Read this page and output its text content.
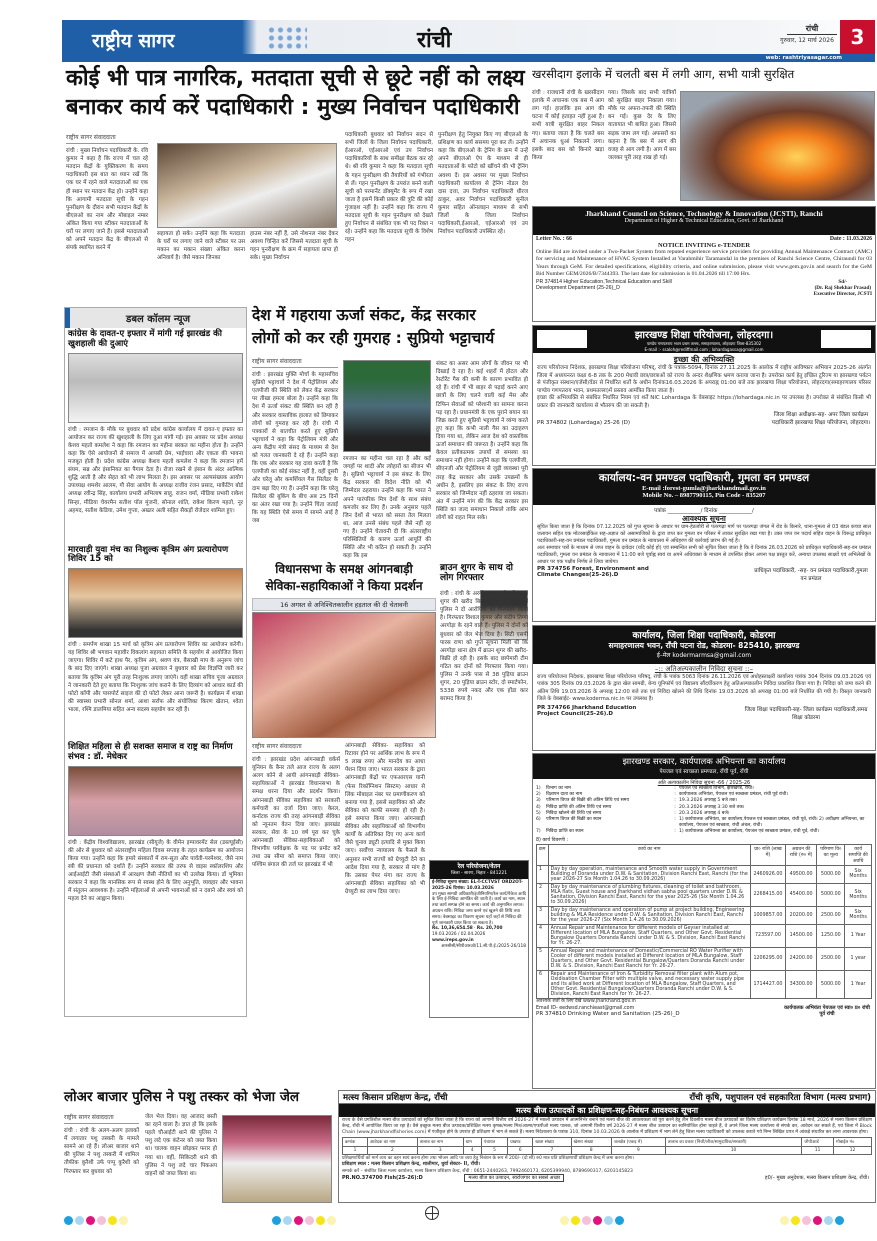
राष्ट्रीय सागर	रांची	रांची
गुरुवार, 12 मार्च 2026 3
web: rashtriyasagar.com
कोई भी पात्र नागरिक, मतदाता सूची से छूटे नहीं को लक्ष्य
बनाकर कार्य करें पदाधिकारी : मुख्य निर्वाचन पदाधिकारी
राष्ट्रीय सागर संवाददाता
रांची : मुख्य निर्वाचन पदाधिकारी के. रवि कुमार ने कहा है कि राज्य में चल रहे मतदान केंद्रों के युक्तिकरण के समय पदाधिकारी इस बात का ध्यान रखें कि एक घर में रहने वाले मतदाताओं का एक ही स्थान पर मतदान केंद्र हो। उन्होंने कहा कि आगामी मतदाता सूची के गहन पुनरीक्षण के दौरान सभी मतदान केंद्रों के बीएलओ का नाम और मोबाइल नम्बर अंकित किया गया स्टीकर मतदाताओं के घरों पर लगाए जाने हैं। इससे मतदाताओं को अपने मतदान केंद्र के बीएलओ से संपर्क स्थापित करने में
सहायता हो सके। उन्होंने कहा कि मतदाता के घरों पर लगाए जाने वाले स्टीकर पर उस मकान का मकान संख्या अंकित करना अनिवार्य है। जैसे मकान जिनका
हाउस नंबर नहीं हैं, उसे नोशनल नंबर देकर अवश्य चिन्हित करें जिससे मतदाता सूची के गहन पुनरीक्षण के क्रम में सहायता प्राप्त हो सके। मुख्य निर्वाचन
पदाधिकारी बुधवार को निर्वाचन सदन से सभी जिलों के जिला निर्वाचन पदाधिकारी, ईआरओ, एईआरओ एवं उप निर्वाचन पदाधिकारियों के साथ समीक्षा बैठक कर रहे थे। श्री रवि कुमार ने कहा कि मतदाता सूची के गहन पुनरीक्षण की तैयारियों को गंभीरता से लें। गहन पुनरीक्षण के उपरांत बनने वाली सूची को परमानेंट डॉक्यूमेंट के रूप में रखा जाता है इसमें किसी प्रकार की त्रुटि की कोई गुंजाइश नहीं है। उन्होंने कहा कि राज्य में मतदाता सूची के गहन पुनरीक्षण को देखते हुए निर्वाचन से संबंधित एक भी पद रिक्त न रहे। उन्होंने कहा कि मतदाता सूची के विशेष गहन
पुनरीक्षण हेतु नियुक्त किए गए बीएलओ के प्रशिक्षण का कार्य ससमय पूरा कर लें। उन्होंने कहा कि बीएलओ के ट्रेनिंग के क्रम में उन्हें अपने बीएलओ ऐप के माध्यम से ही मतदाताओं के फोटो को खींचने की भी ट्रेनिंग अवश्य दें। इस अवसर पर मुख्य निर्वाचन पदाधिकारी कार्यालय से ट्रेनिंग नोडल देव दास दत्ता, उप निर्वाचन पदाधिकारी धीरज ठाकुर, अवर निर्वाचन पदाधिकारी सुनील कुमार सहित ऑनलाइन माध्यम से सभी जिलों के जिला निर्वाचन पदाधिकारी,ईआरओ, एईआरओ एवं उप निर्वाचन पदाधिकारी उपस्थित रहे।
खरसीदाग इलाके में चलती बस में लगी आग, सभी यात्री सुरक्षित
रांची : राजधानी रांची के खरसीदाग इलाके में अचानक एक बस में आग लग गई। हालांकि इस आग की घटना में कोई हताहत नहीं हुआ है। सभी यात्री सुरक्षित बाहर निकल गए। बताया जाता है कि चलते बस में अचानक धुआं निकलने लगा। इसके बाद बस को किनारे खड़ा किया
गया। जिसके बाद सभी यात्रियों को सुरक्षित बाहर निकाला गया। मौके पर अफरा-तफरी की स्थिति बन गई। कुछ देर के लिए यातायात भी बाधित हुआ। जिससे सड़क जाम लग गई। अफसरों का कहना है कि बस में आग की वजह से आग लगी है। आग में बस जलकर पूरी तरह राख हो गई।
Jharkhand Council on Science, Technology & Innovation (JCSTI), Ranchi
Department of Higher & Technical Education, Govt. of Jharkhand
Letter No. : 66	Date : 11.03.2026
NOTICE INVITING e-TENDER
Online Bid are invited under a Two-Packet System from reputed experience service providers for providing Annual Maintenance Contract (AMC) for servicing and Maintenance of HVAC System Installed at Varahmihir Taramandal in the premises of Ranchi Science Centre, Chiraundi for 03 Years through GeM. For detailed specifications, eligibility criteria, and online submission, please visit www.gem.gov.in and search for the GeM Bid Number GEM/2026/B/7344393. The last date for submission is 01.04.2026 till 17:00 Hrs.
PR 374814 Higher Education,Technical Education and Skill Development Department (25-26)_D
Sd/-
(Dr. Raj Shekhar Prasad)
Executive Director, JCSTI
झारखण्ड शिक्षा परियोजना, लोहरदगा।
पाण्डेय गणपतराय भवन प्रथम तल्ला, समाहरणालय, लोहरदगा जिला-835302
E-mail :- ssaloh@rediffmail.com ; lohardagassa@gmail.com
इच्छा की अभिव्यक्ति
राज्य परियोजना निदेशक, झारखण्ड शिक्षा परियोजना परिषद्, रांची के पत्रांक-5094, दिनांक 27.11.2025 के आलोक में राष्ट्रीय आविष्कार अभियान 2025-26 अंतर्गत जिला में अध्ययनरत कक्षा 6-8 तक के 200 मेधावी छात्र/छात्राओं को राज्य के अन्दर शैक्षणिक भ्रमण कराया जाना है। उपरोक्त कार्य हेतु इच्छित टूरिज्म या झारखण्ड पर्यटन से पंजीकृत संस्थान/एजेंसी/वेंडर से निर्धारित शर्तों के अधीन दिनांक16.03.2026 के अपराह्न 01:00 बजे तक झारखण्ड शिक्षा परियोजना, लोहरदगा(समाहरणालय परिसर पाण्डेय गणपतराय भवन, प्रथमतल्ला)में प्रस्ताव आमंत्रित किया जाता है।
इच्छा की अभिव्यक्ति से संबंधित निर्धारित नियम एवं शर्तें NIC Lohardaga के वेबसाइट https://lohardaga.nic.in पर उपलब्ध है। उपरोक्त से संबंधित किसी भी प्रकार की जानकारी कार्यालय से भौतरुप की जा सकती है।
PR 374802 (Lohardaga) 25-26 (D)
जिला शिक्षा अधीक्षक-सह- अपर जिला कार्यक्रम पदाधिकारी झारखण्ड शिक्षा परियोजना, लोहरदगा।
कार्यालय:-वन प्रमण्डल पदाधिकारी, गुमला वन प्रमण्डल
E-mail :forest-gumla@jharkhandmail.gov.in
Mobile No. – 8987790115, Pin Code - 835207
पत्रांक ____________/ दिनांक ____________/
आवश्यक सूचना
सूचित किया जाता है कि दिनांक 07.12.2025 को गुप्त सूचना के आधार पर ग्राम-हेठजोरी से पतरगढ़ा मार्ग पर पतरगढ़ा जंगल में रोड के किनारे, थाना-गुमला से 03 बंडल कच्चा साल जलावन सहित एक मोटरसाईकिल सह-अज्ञात को असामाजिकों के द्वारा जप्त कर गुमला वन परिसर में लाकर सुरक्षित रखा गया है। उक्त जप्त वन पदार्थ सहित वाहन के विरूद्ध प्राधिकृत पदाधिकारी-सह-वन प्रमंडल पदाधिकारी, गुमला वन प्रमंडल के न्यायालय में अधिहरण की कार्रवाई प्रारंभ की गई है।
अतः समाचार पत्रों के माध्यम से जप्त वाहन के दावेदार (यदि कोई हो) एवं सम्बन्धित सभी को सूचित किया जाता है कि वे दिनांक 26.03.2026 को प्राधिकृत पदाधिकारी-सह-वन प्रमंडल पदाधिकारी, गुमला वन प्रमंडल के न्यायालय में 11:00 बजे पूर्वाह्न स्वयं या अपने अधिवक्ता के माध्यम से उपस्थित होकर अपना पक्ष प्रस्तुत करें, अन्यथा उपलब्ध साक्ष्यों एवं अभिलेखों के आधार पर एक पक्षीय निर्णय ले लिया जायेगा।
PR 374756 Forest, Environment and Climate Changes(25-26).D
प्राधिकृत पदाधिकारी, -सह- वन प्रमंडल पदाधिकारी,गुमला वन प्रमंडल
कार्यालय, जिला शिक्षा पदाधिकारी, कोडरमा
समाहरणालय भवन, राँची पटना रोड, कोडरमा- 825410, झारखण्ड
ई–मेल kodermarmsa@gmail.com
–:: अतिअल्पकालीन निविदा सूचना ::–
राज्य परियोजना निदेशक, झारखण्ड शिक्षा परियोजना परिषद्, रांची के पत्रांक 5063 दिनांक 26.11.2026 एवं अधोहस्ताक्षरी कार्यालय पत्रांक 304 दिनांक 09.03.2026 एवं पत्रांक 305 दिनांक 09.03.2026 के द्वारा खेल सामग्री, बेन्च यूनिफॉर्म एवं विद्यालय सौंदर्यीकरण हेतु अतिअल्पकालीन निविदा प्रकाशित किया गया है। निविदा को जमा करने की अंतिम तिथि 19.03.2026 के अपराह्न 12:00 बजे तक एवं निविदा खोलने की तिथि दिनांक 19.03.2026 को अपराह्न 01:00 बजे निर्धारित की गयी है। विस्तृत जानकारी जिले के वेबसाईट- www.koderma.nic.in पर उपलब्ध है।
PR 374766 Jharkhand Education Project Council(25-26).D
जिला शिक्षा पदाधिकारी-सह- जिला कार्यक्रम पदाधिकारी,समग्र शिक्षा कोडरमा
झारखण्ड सरकार, कार्यपालक अभियन्ता का कार्यालय
पेयजल एवं स्वच्छता प्रमण्डल, राँची पूर्व, राँची
अति अल्पकालीन निविदा सूचना -66 / 2025-26
1)	विभाग का नाम	: पेयजल एवं स्वच्छता विभाग, झारखण्ड, रांची।
2)	विज्ञापन दाता का नाम	: कार्यपालक अभियंता, पेयजल एवं स्वच्छता प्रमंडल, रांची पूर्व रांची।
3)	परिमाण विपत्र की बिक्री की अंतिम तिथि एवं समय	: 19.3.2026 अपराह्न 5 बजे तक।
4)	निविदा प्राप्ति की अंतिम तिथि एवं समय	: 20.3.2026 अपराह्न 3:30 बजे तक।
5)	निविदा खोलने की तिथि एवं समय	: 20.3.2026 अपराह्न 4 बजे।
6)	परिमाण विपत्र की बिक्री का स्थान	: 1) कार्यपालक अभियंता, का कार्यालय,पेयजल एवं स्वच्छता प्रमंडल, रांची पूर्व, रांची। 2) अधीक्षण अभियन्ता, का कार्यालय, पेयजल एवं स्वच्छता, रांची अंचल, रांची।
7)	निविदा प्राप्ति का स्थान	: 1) कार्यपालक अभियन्ता का कार्यालय, पेयजल एवं स्वच्छता प्रमंडल, रांची पूर्व, रांची।
8) कार्य विवरणी :
क्रम	कार्य का नाम	प्रा० राशि (लाख में)	अग्रधन की राशि (रु० में)	परिमाण वि० का मूल्य	कार्य समाप्ति की अवधि
1	Day by day operation, maintenance and Smooth water supply in Government Building of Doranda under D.W. & Sanitation, Division Ranchi East, Ranchi (for the year 2026-27 Six Month 1.04.26 to 30.09.2026)	2460926.00	49500.00	5000.00	Six Months
2	Day by day maintenance of plumbing fixtures, cleaning of toilet and bathroom, MLA flats, Guest house and Jharkhand vidhan sabha pool quarters under D.W. & Sanitation, Division Ranchi East, Ranchi for the year 2025-26 (Six Month 1.04.26 to 30.09.2026)	2268415.00	45400.00	5000.00	Six Months
3	Day by day maintenance and operation of pump at project building, Engineering building & MLA Residence under D.W. & Sanitation, Division Ranchi East, Ranchi for the year 2026-27 (Six Month 1.4.26 to 30.09.2026)	1009857.00	20200.00	2500.00	Six Months
4	Annual Repair and Maintenance for different models of Geyser installed at Different location of MLA Bungalow, Staff Quarters, and Other Govt. Residential Bungalow Quarters Doranda Ranchi under D.W. & S. Division, Ranchi East Ranchi for Yr. 26-27.	723597.00	14500.00	1250.00	1 Year
5	Annual Repair and maintenance of Domestic/Commercial RO Water Purifier with Cooler of different models installed at Different location of MLA Bungalow, Staff Quarters, and Other Govt. Residential Bungalow/Quarters Doranda Ranchi under D.W. & S. Division, Ranchi East Ranchi for Yr. 26-27.	1206295.00	24200.00	2500.00	1 year
6	Repair and Maintenance of Iron & Turbidity Removal filter plant with Alum pot, Oxidisation Chamber Filter with multiple valve, and necessary water supply pipe and its allied work at Different location of MLA Bungalow, Staff Quarters, and Other Govt. Residential Bungalow/Quarters Doranda Ranchi under D.W. & S. Division, Ranchi East Ranchi for Yr. 26-27.	1714427.00	34300.00	5000.00	1 Year
अवश्यक शर्तों के लिए देखें www.jharkhand.gov.in
Email ID- eedwsd.ranchieast@gmail.com
PR 374810 Drinking Water and Sanitation (25-26)_D
कार्यपालक अभियंता पेयजल एवं स्वा० प्र० रांची पूर्व रांची
डबल कॉलम न्यूज
कांग्रेस के दावत-ए इफ्तार में मांगी गई झारखंड की खुशहाली की दुआएं
रांची : रमजान के मौके पर बुधवार को प्रदेश कांग्रेस कार्यालय में दावत-ए इफ्तार का आयोजन कर राज्य की खुशहाली के लिए दुआ मांगी गई। इस अवसर पर प्रदेश अध्यक्ष केशव महतो कमलेश ने कहा कि रमजान का महीना बरकत का महीना होता है। उन्होंने कहा कि ऐसे आयोजनों से समाज में आपसी प्रेम, भाईचारा और एकता की भावना मजबूत होती है। प्रदेश कांग्रेस अध्यक्ष केशव महतो कमलेश ने कहा कि रमजान हमें संयम, सब्र और इंसानियत का पैगाम देता है। रोजा रखने से इंसान के अंदर आत्मिक शुद्धि आती है और सेहत को भी लाभ मिलता है। इस अवसर पर अल्पसंख्यक आयोग उपाध्यक्ष शमशेर आलम, गौ सेवा आयोग के अध्यक्ष राजीव रंजन प्रसाद, मार्केटिंग बोर्ड अध्यक्ष रवीन्द्र सिंह, कार्यालय प्रभारी अभिलाष साहू, राजन वर्मा, मीडिया प्रभारी राकेश सिन्हा, मीडिया चेयरमैन सतीश पॉल मुंजनी, सोनाल शांति, राकेश किरण महतो, नूर अहमद, सतीश केडिया, उमेश गुप्ता, अख्तर अली सहित सैकड़ों रोजेदार शामिल हुए।
मारवाड़ी युवा मंच का निशुल्क कृत्रिम अंग प्रत्यारोपण शिविर 15 को
रांची : समर्पण शाखा 15 मार्च को कृत्रिम अंग प्रत्यारोपण शिविर का आयोजन करेगी। यह शिविर श्री भगवान महावीर विकलांग सहायता समिति के सहयोग से आयोजित किया जाएगा। शिविर में कटे हाथ पैर, कृत्रिम अंग, श्रवण यंत्र, बैसाखी माप के अनुरूप जांच के बाद दिए जाएंगे। शाखा अध्यक्ष पूजा अग्रवाल ने बुधवार को प्रेस विज्ञप्ति जारी कर बताया कि कृत्रिम अंग पूरी तरह निःशुल्क लगाए जाएंगे। वहीं शाखा सचिव पूजा अग्रवाल ने जानकारी देते हुए बताया कि निःशुल्क जांच कराने के लिए दिव्यांग को आधार कार्ड की फोटो कॉपी और पासपोर्ट साइज की दो फोटो लेकर आना जरूरी है। कार्यक्रम में शाखा की स्वास्थ्य प्रभारी सोनल शर्मा, आशा सर्राफ और संयोजिका किरण खेतान, श्वेता भाला, रश्मि डालमिया सहित अन्य सदस्य सहयोग कर रही हैं।
शिक्षित महिला से ही सशक्त समाज व राष्ट्र का निर्माण संभव : डॉ. मेधेकर
रांची : केंद्रीय विश्वविद्यालय, झारखंड (सीयूजे) के वीमेन इम्पावरमेंट सेल (डब्ल्यूईसी) की ओर से बुधवार को अंतरराष्ट्रीय महिला दिवस सप्ताह के तहत कार्यक्रम का आयोजन किया गया। उन्होंने कहा कि हमारे संस्कारों में राम-सूता और पार्वती-परमेश्वर, जैसे नाम स्त्री की प्रधानता को दर्शाते हैं। उन्होंने सरकार की तरफ से वाइस स्कॉलरशिप और आईआईटी जैसी संस्थाओं में आरक्षण जैसी नीतियों का भी उल्लेख किया। डॉ भूमिका सरकार ने कहा कि मानसिक रूप से स्वस्थ होने के लिए अनुभूति, व्यवहार और भावना में संतुलन आवश्यक है। उन्होंने महिलाओं से अपनी भावनाओं को न दबाने और स्वयं को महत्व देने का आह्वान किया।
देश में गहराया ऊर्जा संकट, केंद्र सरकार
लोगों को कर रही गुमराह : सुप्रियो भट्टाचार्य
राष्ट्रीय सागर संवाददाता
रांची : झारखंड मुक्ति मोर्चा के महासचिव सुप्रियो भट्टाचार्य ने देश में पेट्रोलियम और एलपीजी की स्थिति को लेकर केंद्र सरकार पर तीखा हमला बोला है। उन्होंने कहा कि देश में ऊर्जा संकट की स्थिति बन रही है और सरकार वास्तविक हालात को छिपाकर लोगों को गुमराह कर रही है। रांची में पत्रकारों से बातचीत करते हुए सुप्रियो भट्टाचार्य ने कहा कि पेट्रोलियम मंत्री और अन्य केंद्रीय मंत्री संसद के माध्यम से देश को गलत जानकारी दे रहे हैं। उन्होंने कहा कि एक ओर सरकार यह दावा करती है कि एलपीजी का कोई संकट नहीं है, वहीं दूसरी ओर घरेलू और कमर्शियल गैस सिलेंडर के दाम बढ़ा दिए गए हैं। उन्होंने कहा कि घरेलू सिलेंडर की बुकिंग के बीच अब 25 दिनों का अंतर रखा गया है। उन्होंने चिंता जताई कि यह स्थिति ऐसे समय में सामने आई है जब
रमजान का महीना चल रहा है और कई जगहों पर शादी और त्योहारों का सीजन भी है। सुप्रियो भट्टाचार्य ने इस संकट के लिए केंद्र सरकार की विदेश नीति को भी जिम्मेदार ठहराया। उन्होंने कहा कि भारत ने अपने पारंपरिक मित्र देशों के साथ संबंध कमजोर कर लिए हैं। उनके अनुसार पहले जिन देशों से भारत को सस्ता तेल मिलता था, आज उनसे संबंध पहले जैसे नहीं रह गए हैं। उन्होंने चेतावनी दी कि अंतरराष्ट्रीय परिस्थितियों के कारण ऊर्जा आपूर्ति की स्थिति और भी कठिन हो सकती है। उन्होंने कहा कि इस
संकट का असर आम लोगों के जीवन पर भी दिखाई दे रहा है। कई शहरों में होटल और रेस्टोरेंट गैस की कमी के कारण प्रभावित हो रहे हैं। रांची में भी बाहर से पढ़ाई करने आए छात्रों के लिए चलने वाली कई मेस और टिफिन सेवाओं को परेशानी का सामना करना पड़ रहा है। प्रधानमंत्री के एक पुराने बयान का जिक्र करते हुए सुप्रियो भट्टाचार्य ने व्यंग्य करते हुए कहा कि कभी नाली गैस का उदाहरण दिया गया था, लेकिन आज देश को वास्तविक ऊर्जा समाधान की जरूरत है। उन्होंने कहा कि केवल प्रतीकात्मक उपायों से समस्या का समाधान नहीं होगा। उन्होंने कहा कि एलपीजी, सीएनजी और पेट्रोलियम से जुड़ी व्यवस्था पूरी तरह केंद्र सरकार और उसके उपक्रमों के अधीन है, इसलिए इस संकट के लिए राज्य सरकार को जिम्मेदार नहीं ठहराया जा सकता। अंत में उन्होंने मांग की कि केंद्र सरकार इस स्थिति का जल्द समाधान निकाले ताकि आम लोगों को राहत मिल सके।
विधानसभा के समक्ष आंगनबाड़ी
सेविका-सहायिकाओं ने किया प्रदर्शन
16 अगस्त से अनिश्चितकालीन हड़ताल की दी चेतावनी
राष्ट्रीय सागर संवाददाता
रांची : झारखंड प्रदेश आंगनबाड़ी वर्कर्स यूनियन के बैनर तले आज राज्य के अलग अलग कोने से आयी आंगनबाड़ी सेविका-सहायिकाओं ने झारखंड विधानसभा के समक्ष धरना दिया और प्रदर्शन किया। आंगनबाड़ी सेविका सहायिका को सरकारी कर्मचारी का दर्जा दिया जाए। केरल, कर्नाटक राज्य की तरह आंगनबाड़ी सेविका को न्यूनतम वेतन दिया जाए। झारखंड सरकार, सेवा के 10 वर्ष पूरा कर चुके आंगनबाड़ी सेविका-सहायिकाओं को विभागीय पर्यवेक्षक के पद पर प्रमोट करें तथा उम्र सीमा को समाप्त किया जाए। पश्चिम बंगाल की तर्ज पर झारखंड में भी
आंगनबाड़ी सेविका- सहायिका को रिटायर होने पर आर्थिक लाभ के रूप में 5 लाख रुपए और मानदेय का आधा पेंशन दिया जाए। भारत सरकार के द्वारा आंगनबाड़ी केंद्रों पर एफआरएस यानी (फेस रिकॉग्निशन सिस्टम) आधार से लिंक मोबाइल नंबर पर प्रमाणीकरण को बनाया गया है, इससे सहायिका को और सेविका को काफी समस्या हो रही है। इसे समाप्त किया जाए। आंगनबाड़ी सेविका और सहायिकाओं को विभागीय कार्यों के अतिरिक्त दिए गए अन्य कार्य जैसे चुनाव ड्यूटी इत्यादि से मुक्त किया जाए। सर्वोच्च न्यायालय के फैसले के अनुसार सभी राज्यों को ग्रेच्युटी देने का आदेश दिया गया है, सरकार से मांग है कि उसका पेपर मंगा कर राज्य के आंगनबाड़ी सेविका सहायिका को भी ग्रेच्युटी का लाभ दिया जाए।
ब्राउन शुगर के साथ दो लोग गिरफ्तार
रांची : रांची के अरगोड़ा थाना क्षेत्र में ब्राउन शुगर की खरीद बिक्री करने के आरोप में पुलिस ने दो आरोपियों को गिरफ्तार किया है। गिरफ्तार विशाल कुमार और संदीप तिग्गा अरगोड़ा के रहने वाले हैं। पुलिस ने दोनों को बुधवार को जेल भेज दिया है। सिटी एसपी पारस राणा को गुप्त सूचना मिली थी कि अरगोड़ा थाना क्षेत्र में ब्राउन शुगर की खरीद-बिक्री हो रही है। इसके बाद छापेमारी टीम गठित कर दोनों को गिरफ्तार किया गया। पुलिस ने उनके पास से 38 पुड़िया ब्राउन शुगर, 20 पुड़िया ब्राउन स्टोर, दो स्मार्टफोन, 5338 रुपये नकद और एक होंडा कार बरामद किया है।
रेल परियोजना/वेतन
जिला - सारण, बिहार - 841221
ई-निविदा सूचना संख्या: EL-T-CCTVST ORD2OT-2025-26 दिनांक: 10.03.2026
उप मुख्य सामग्री अधिकारी/इंजीनियरिंग/रेल कार्य/पैकेज आदि के लिए ई-निविदा आमंत्रित की जाती है। कार्य का नाम, स्थान तथा कार्य सम्पन्न होने का समय। कार्य की अनुमानित लागत। अग्रधन राशि। निविदा जमा करने एवं खुलने की तिथि तथा समय। वेबसाइट का विवरण सूचना यहाँ जहाँ से निविदा की पूर्ण जानकारी प्राप्त किया जा सकता है।
Rs. 10,36,654.58 · Rs. 20,700
19.03.2026 / 02.04.2026
www.ireps.gov.in
आरसीसी/सीपीआरओ/11.सी.पी.ई./2025-26/118
लोअर बाजार पुलिस ने पशु तस्कर को भेजा जेल
राष्ट्रीय सागर संवाददाता
रांची : रांची के अलग-अलग इलाकों में लगातार पशु तस्करी के मामले सामने आ रहे हैं। लोअर बाजार थाने की पुलिस ने पशु तस्करी में शामिल तौफीक कुरैशी उर्फ पप्पू कुरैशी को गिरफ्तार कर बुधवार को
जेल भेज दिया। वह आजाद बस्ती का रहने वाला है। ज्ञात हो कि इसके पहले चौआईटी थाने की पुलिस ने पशु लदे एक कंटेनर को जब्त किया था। चालक वाहन छोड़कर फरार हो गया था। वहीं, सिकिदरी थाने की पुलिस ने पशु लदे चार पिकअप वाहनों को जब्त किया था।
मत्स्य किसान प्रशिक्षण केन्द्र, राँची	राँची कृषि, पशुपालन एवं सहकारिता विभाग (मत्स्य प्रभाग)
मत्स्य बीज उत्पादकों का प्रशिक्षण-सह-निबंधन आवश्यक सूचना
राज्य के वैसे प्रगतिशील मत्स्य बीज उत्पादकों को सूचित किया जाता है कि राज्य को आगामी वित्तीय वर्ष 2026-27 में मछली उत्पादन में आत्मनिर्भर बनाने एवं मत्स्य बीज की आवश्यकता को पूरा करने हेतु तीन दिवसीय मत्स्य बीज उत्पादकों का विशेष प्रशिक्षण कार्यक्रम दिनांक 18 मार्च, 2026 से मत्स्य किसान प्रशिक्षण केन्द्र, राँची में आयोजित किया जा रहा है। वैसे इच्छुक मत्स्य बीज उत्पादक/प्रशिक्षित मत्स्य कृषक/मत्स्य मित्र/आत्मा/एफपीओ मत्स्य पालक, जो आगामी वित्तीय वर्ष 2026-27 में मत्स्य बीज उत्पादन का स्वनियोजित होना चाहते हैं, वे अपने जिला मत्स्य कार्यालय से संपर्क कर, आवेदन कर सकते हैं, एवं जिला में Block Chain (www.jharkhandfisheries.com) में पंजीकृत होने के उपरांत ही प्रशिक्षण में भाग ले सकते हैं। मत्स्य निदेशालय के पत्रांक 310, दिनांक 10.03.2026 के आलोक में प्रशिक्षण में भाग लेने हेतु जिला मत्स्य पदाधिकारी को उपलब्ध कराते गये निम्न लिखित प्रपत्र में आंकड़े संधारित कर लाना आवश्यक होगा।
क्रमांक	आवेदक का नाम	तालाब का नाम	ग्राम	पंचायत	प्रखण्ड	खाता संख्या	खेसरा संख्या	जलक्षेत्र (एकड़ में)	तालाब का प्रकार (निजी/लीज/सामुदायिक/सरकारी)	जीपीआर्ड	मोबाईल नं०
1	2	3	4	5	6	7	8	9	10	11	12
प्रशिक्षणार्थियों को मार्ग व्यय का वहन स्वयं करना होगा तथा भोजन आदि पर व्यय हेतु निबंधन के रूप में 200/- (दो सौ) रु0 मात्र प्रति प्रशिक्षणार्थी प्रशिक्षण केन्द्र में जमा करना होगा।
प्रशिक्षण स्थल : मत्स्य किसान प्रशिक्षण केन्द्र, शालीमार, धुर्वा सेक्टर- II, राँची।
सम्पर्क करें – संबंधित जिला मत्स्य कार्यालय, मत्स्य किसान प्रशिक्षण केन्द्र, राँची : 0651-2440263, 7992460173, 6205399940, 8789690317, 6203145823
PR.NO.374700 Fish(25-26):D	मत्स्य बीज का उत्पादन, स्वरोजगार का सबसे अच्छा	ह0/– मुख्य अनुदेशक, मत्स्य किसान प्रशिक्षण केन्द्र, राँची।
